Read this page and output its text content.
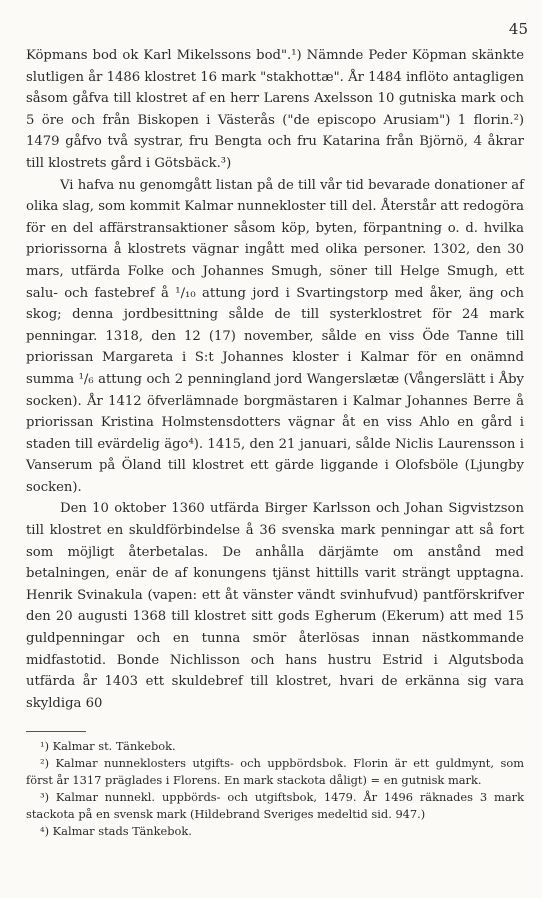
45

Köpmans bod ok Karl Mikelssons bod".¹) Nämnde Peder Köpman skänkte slutligen år 1486 klostret 16 mark "stakhottæ". År 1484 inflöto antagligen såsom gåfva till klostret af en herr Larens Axelsson 10 gutniska mark och 5 öre och från Biskopen i Västerås ("de episcopo Arusiam") 1 florin.²) 1479 gåfvo två systrar, fru Bengta och fru Katarina från Björnö, 4 åkrar till klostrets gård i Götsbäck.³)

Vi hafva nu genomgått listan på de till vår tid bevarade donationer af olika slag, som kommit Kalmar nunnekloster till del. Återstår att redogöra för en del affärstransaktioner såsom köp, byten, förpantning o. d. hvilka priorissorna å klostrets vägnar ingått med olika personer. 1302, den 30 mars, utfärda Folke och Johannes Smugh, söner till Helge Smugh, ett salu- och fastebref å ¹/₁₀ attung jord i Svartingstorp med åker, äng och skog; denna jordbesittning sålde de till systerklostret för 24 mark penningar. 1318, den 12 (17) november, sålde en viss Öde Tanne till priorissan Margareta i S:t Johannes kloster i Kalmar för en onämnd summa ¹/₆ attung och 2 penningland jord Wangerslætæ (Vångerslätt i Åby socken). År 1412 öfverlämnade borgmästaren i Kalmar Johannes Berre å priorissan Kristina Holmstensdotters vägnar åt en viss Ahlo en gård i staden till evärdelig ägo⁴). 1415, den 21 januari, sålde Niclis Laurensson i Vanserum på Öland till klostret ett gärde liggande i Olofsböle (Ljungby socken).

Den 10 oktober 1360 utfärda Birger Karlsson och Johan Sigvistzson till klostret en skuldförbindelse å 36 svenska mark penningar att så fort som möjligt återbetalas. De anhålla därjämte om anstånd med betalningen, enär de af konungens tjänst hittills varit strängt upptagna. Henrik Svinakula (vapen: ett åt vänster vändt svinhufvud) pantförskrifver den 20 augusti 1368 till klostret sitt gods Egherum (Ekerum) att med 15 guldpenningar och en tunna smör återlösas innan nästkommande midfastotid. Bonde Nichlisson och hans hustru Estrid i Algutsboda utfärda år 1403 ett skuldebref till klostret, hvari de erkänna sig vara skyldiga 60

¹) Kalmar st. Tänkebok.

²) Kalmar nunneklosters utgifts- och uppbördsbok. Florin är ett guldmynt, som först år 1317 präglades i Florens. En mark stackota dåligt) = en gutnisk mark.

³) Kalmar nunnekl. uppbörds- och utgiftsbok, 1479. År 1496 räknades 3 mark stackota på en svensk mark (Hildebrand Sveriges medeltid sid. 947.)

⁴) Kalmar stads Tänkebok.
